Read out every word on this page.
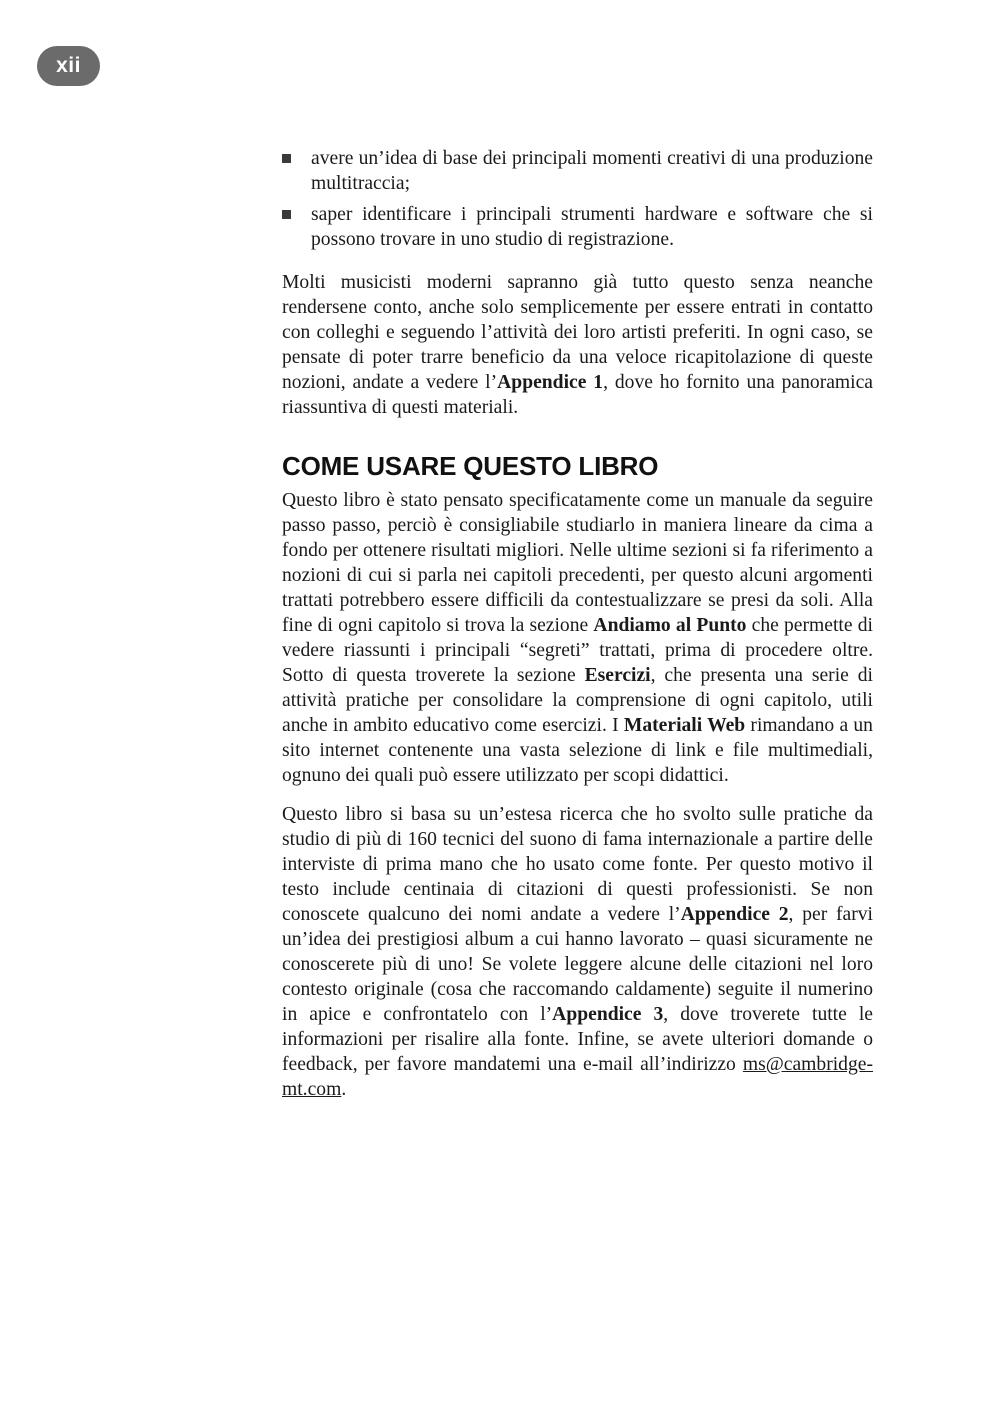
xii
avere un’idea di base dei principali momenti creativi di una produzione multitraccia;
saper identificare i principali strumenti hardware e software che si possono trovare in uno studio di registrazione.

Molti musicisti moderni sapranno già tutto questo senza neanche rendersene conto, anche solo semplicemente per essere entrati in contatto con colleghi e seguendo l’attività dei loro artisti preferiti. In ogni caso, se pensate di poter trarre beneficio da una veloce ricapitolazione di queste nozioni, andate a vedere l’Appendice 1, dove ho fornito una panoramica riassuntiva di questi materiali.

COME USARE QUESTO LIBRO

Questo libro è stato pensato specificatamente come un manuale da seguire passo passo, perciò è consigliabile studiarlo in maniera lineare da cima a fondo per ottenere risultati migliori. Nelle ultime sezioni si fa riferimento a nozioni di cui si parla nei capitoli precedenti, per questo alcuni argomenti trattati potrebbero essere difficili da contestualizzare se presi da soli. Alla fine di ogni capitolo si trova la sezione Andiamo al Punto che permette di vedere riassunti i principali “segreti” trattati, prima di procedere oltre. Sotto di questa troverete la sezione Esercizi, che presenta una serie di attività pratiche per consolidare la comprensione di ogni capitolo, utili anche in ambito educativo come esercizi. I Materiali Web rimandano a un sito internet contenente una vasta selezione di link e file multimediali, ognuno dei quali può essere utilizzato per scopi didattici.

Questo libro si basa su un’estesa ricerca che ho svolto sulle pratiche da studio di più di 160 tecnici del suono di fama internazionale a partire delle interviste di prima mano che ho usato come fonte. Per questo motivo il testo include centinaia di citazioni di questi professionisti. Se non conoscete qualcuno dei nomi andate a vedere l’Appendice 2, per farvi un’idea dei prestigiosi album a cui hanno lavorato – quasi sicuramente ne conoscerete più di uno! Se volete leggere alcune delle citazioni nel loro contesto originale (cosa che raccomando caldamente) seguite il numerino in apice e confrontatelo con l’Appendice 3, dove troverete tutte le informazioni per risalire alla fonte. Infine, se avete ulteriori domande o feedback, per favore mandatemi una e-mail all’indirizzo ms@cambridge-mt.com.
